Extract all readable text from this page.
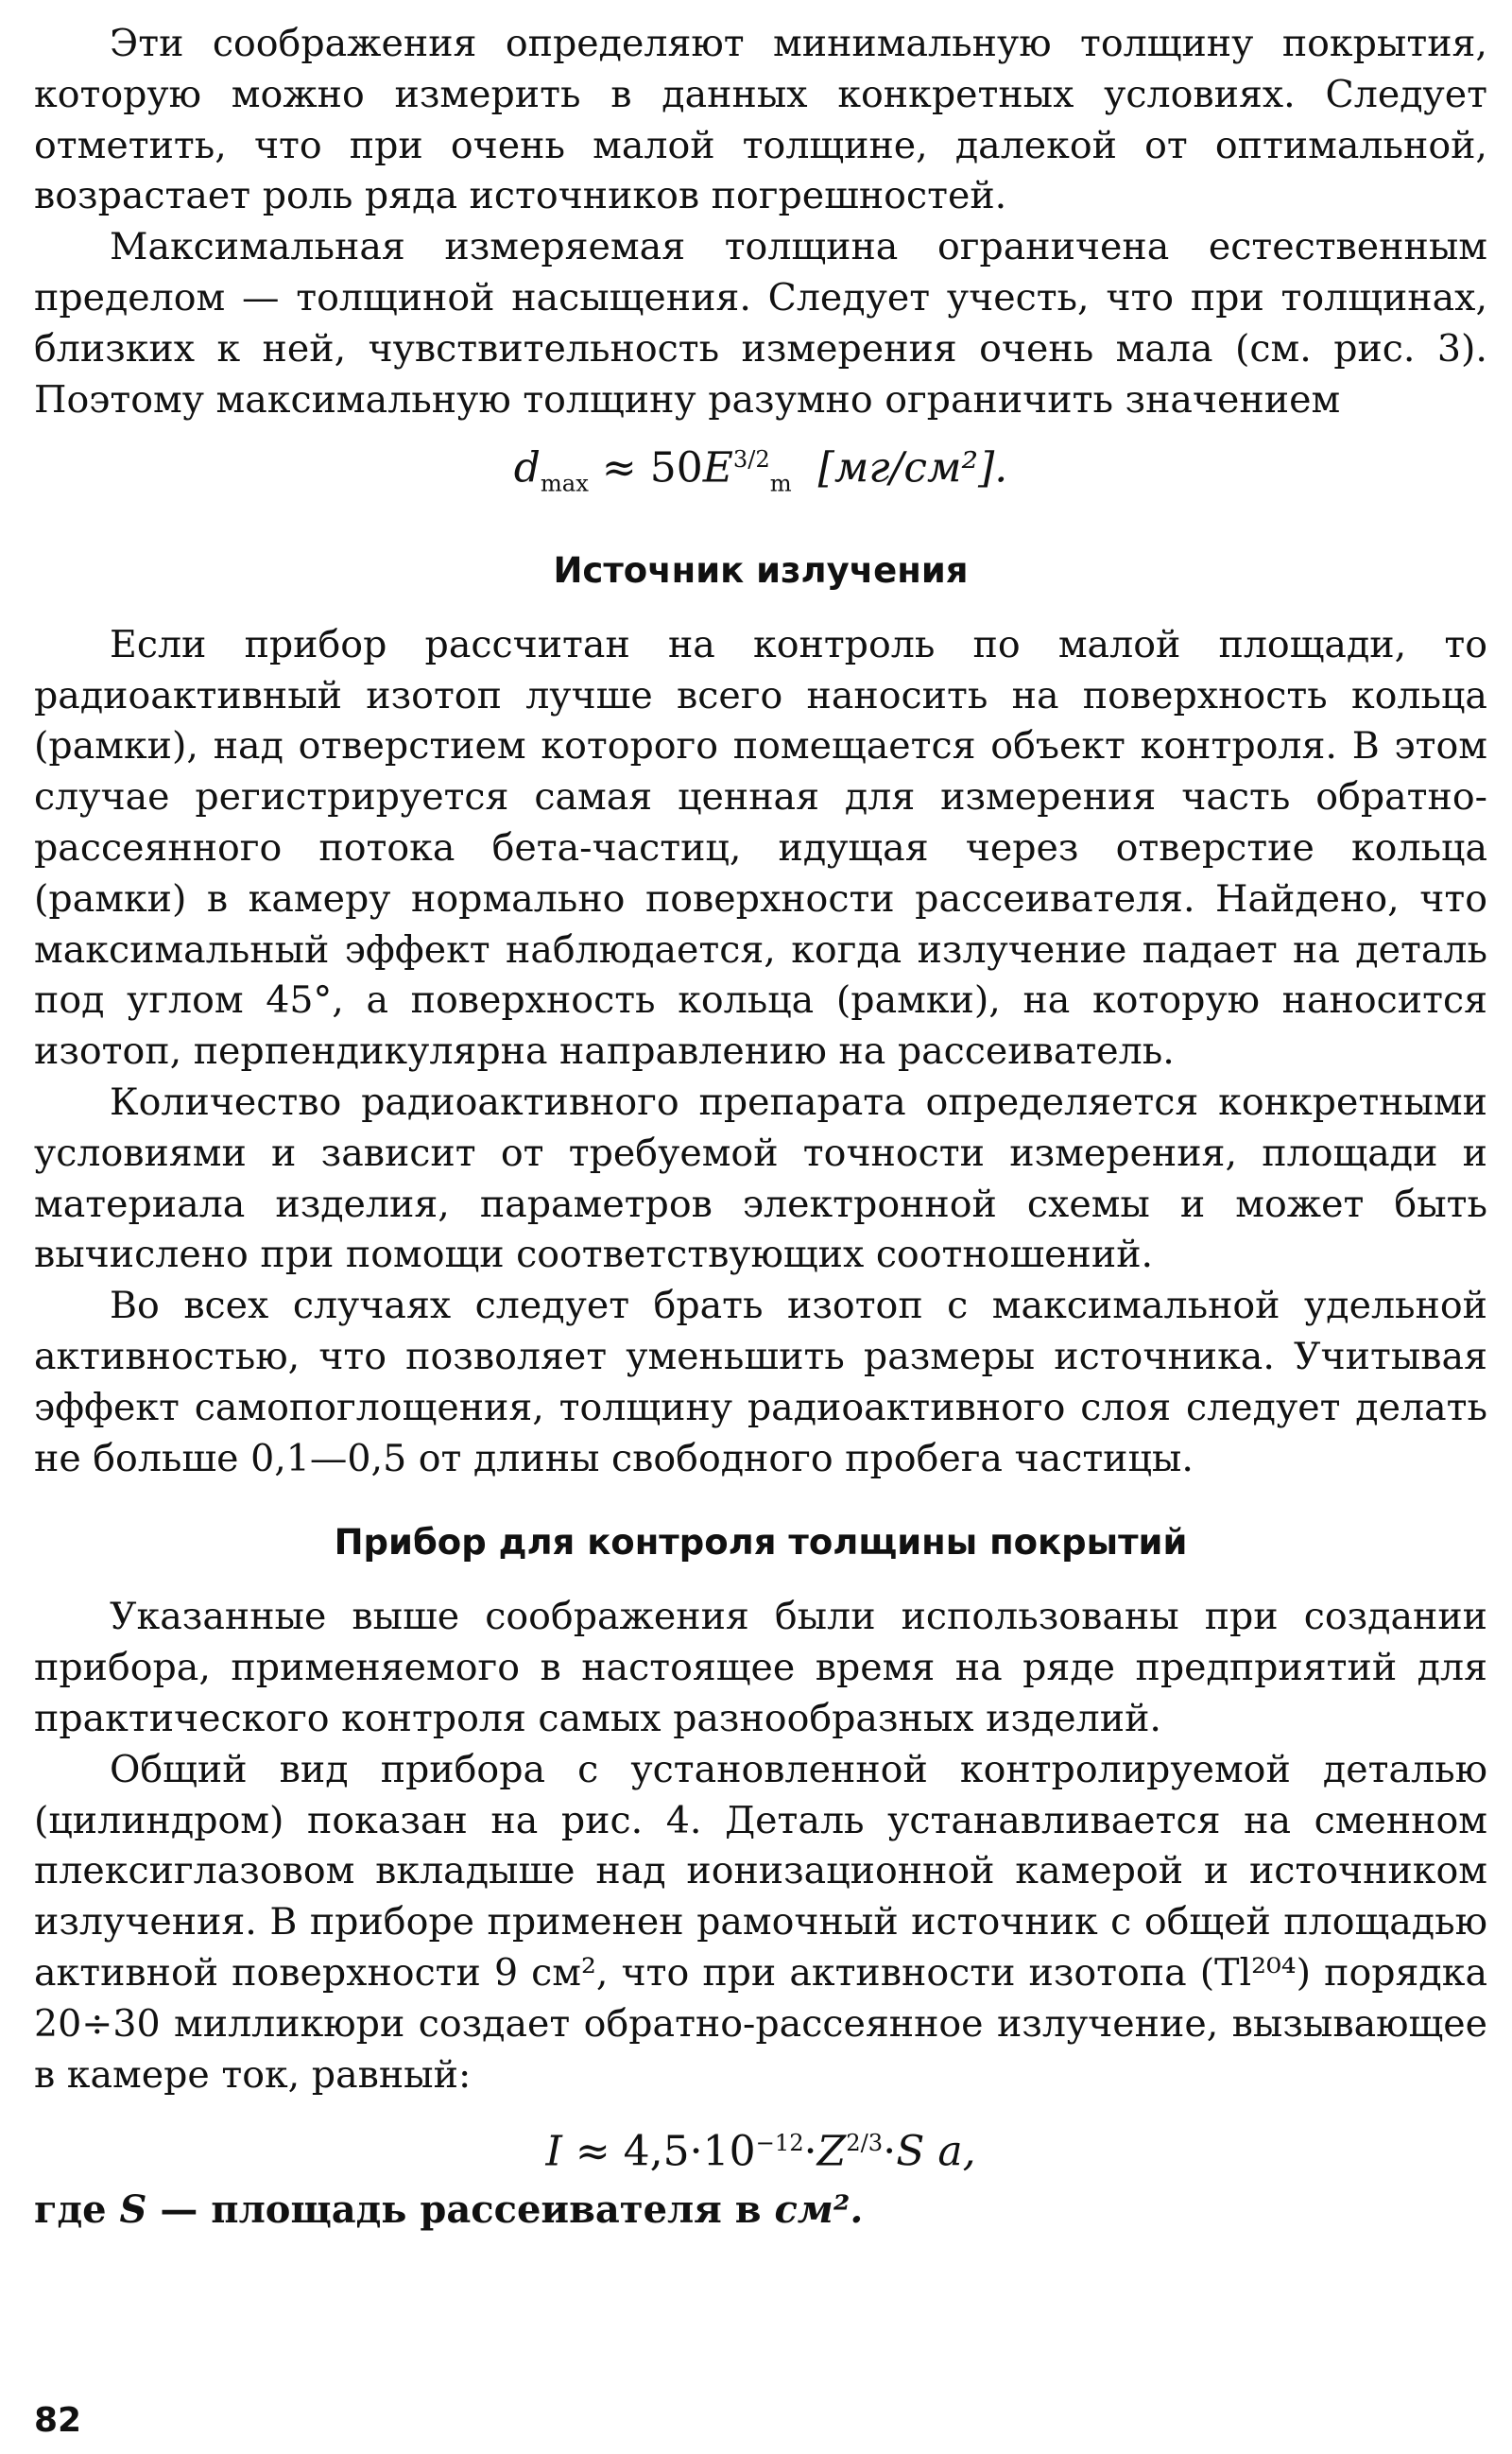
Эти соображения определяют минимальную толщину покрытия, которую можно измерить в данных конкретных условиях. Следует отметить, что при очень малой толщине, далекой от оптимальной, возрастает роль ряда источников погрешностей.

Максимальная измеряемая толщина ограничена естественным пределом — толщиной насыщения. Следует учесть, что при толщинах, близких к ней, чувствительность измерения очень мала (см. рис. 3). Поэтому максимальную толщину разумно ограничить значением

$d_{max} \approx 50E^{3/2}_m$ [мг/см²].
Источник излучения

Если прибор рассчитан на контроль по малой площади, то радиоактивный изотоп лучше всего наносить на поверхность кольца (рамки), над отверстием которого помещается объект контроля. В этом случае регистрируется самая ценная для измерения часть обратно-рассеянного потока бета-частиц, идущая через отверстие кольца (рамки) в камеру нормально поверхности рассеивателя. Найдено, что максимальный эффект наблюдается, когда излучение падает на деталь под углом 45°, а поверхность кольца (рамки), на которую наносится изотоп, перпендикулярна направлению на рассеиватель.

Количество радиоактивного препарата определяется конкретными условиями и зависит от требуемой точности измерения, площади и материала изделия, параметров электронной схемы и может быть вычислено при помощи соответствующих соотношений.

Во всех случаях следует брать изотоп с максимальной удельной активностью, что позволяет уменьшить размеры источника. Учитывая эффект самопоглощения, толщину радиоактивного слоя следует делать не больше 0,1—0,5 от длины свободного пробега частицы.

Прибор для контроля толщины покрытий

Указанные выше соображения были использованы при создании прибора, применяемого в настоящее время на ряде предприятий для практического контроля самых разнообразных изделий.

Общий вид прибора с установленной контролируемой деталью (цилиндром) показан на рис. 4. Деталь устанавливается на сменном плексиглазовом вкладыше над ионизационной камерой и источником излучения. В приборе применен рамочный источник с общей площадью активной поверхности 9 см², что при активности изотопа (Tl²⁰⁴) порядка 20÷30 милликюри создает обратно-рассеянное излучение, вызывающее в камере ток, равный:

$I \approx 4,5\cdot 10^{-12}\cdot Z^{2/3}\cdot S$ a,

где S — площадь рассеивателя в см².

82
